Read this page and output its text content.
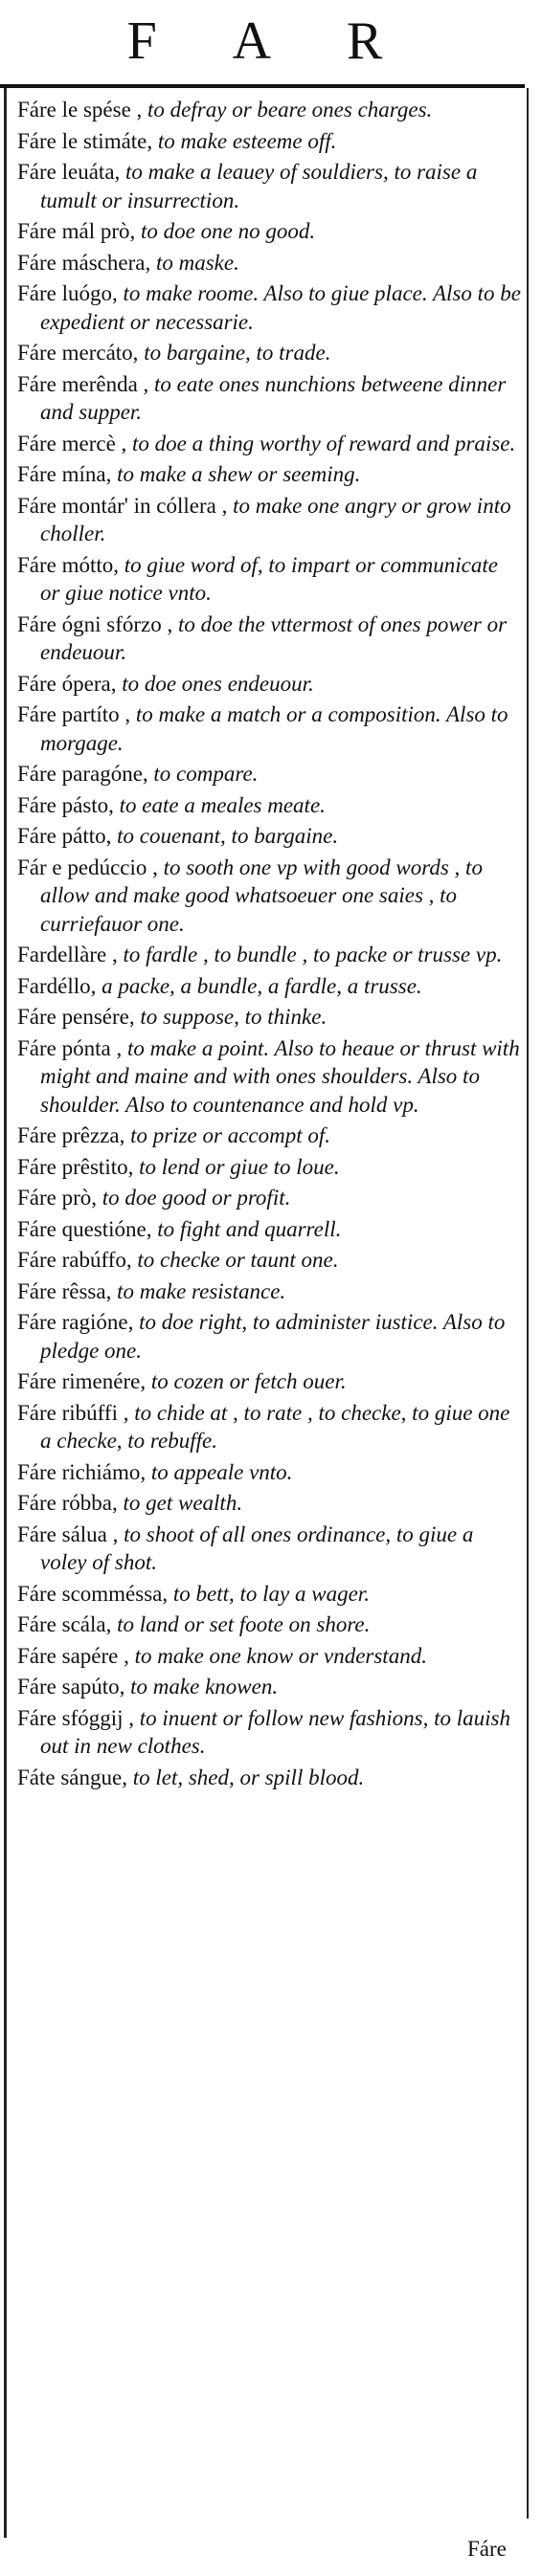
F A R
Fáre le spése , to defray or beare ones charges.
Fáre le stimáte, to make esteeme off.
Fáre leuáta, to make a leauey of souldiers, to raise a tumult or insurrection.
Fáre mál prò, to doe one no good.
Fáre máschera, to maske.
Fáre luógo, to make roome. Also to giue place. Also to be expedient or necessarie.
Fáre mercáto, to bargaine, to trade.
Fáre merênda , to eate ones nunchions betweene dinner and supper.
Fáre mercè , to doe a thing worthy of reward and praise.
Fáre mína, to make a shew or seeming.
Fáre montár' in cóllera , to make one angry or grow into choller.
Fáre mótto, to giue word of, to impart or communicate or giue notice vnto.
Fáre ógni sfórzo , to doe the vttermost of ones power or endeuour.
Fáre ópera, to doe ones endeuour.
Fáre partíto , to make a match or a composition. Also to morgage.
Fáre paragóne, to compare.
Fáre pásto, to eate a meales meate.
Fáre pátto, to couenant, to bargaine.
Fár e pedúccio , to sooth one vp with good words , to allow and make good whatsoeuer one saies , to curriefauor one.
Fardellàre , to fardle , to bundle , to packe or trusse vp.
Fardéllo, a packe, a bundle, a fardle, a trusse.
Fáre pensére, to suppose, to thinke.
Fáre pónta , to make a point. Also to heaue or thrust with might and maine and with ones shoulders. Also to shoulder. Also to countenance and hold vp.
Fáre prêzza, to prize or accompt of.
Fáre prêstito, to lend or giue to loue.
Fáre prò, to doe good or profit.
Fáre questióne, to fight and quarrell.
Fáre rabúffo, to checke or taunt one.
Fáre rêssa, to make resistance.
Fáre ragióne, to doe right, to administer iustice. Also to pledge one.
Fáre rimenére, to cozen or fetch ouer.
Fáre ribúffi , to chide at , to rate , to checke, to giue one a checke, to rebuffe.
Fáre richiámo, to appeale vnto.
Fáre róbba, to get wealth.
Fáre sálua , to shoot of all ones ordinance, to giue a voley of shot.
Fáre scomméssa, to bett, to lay a wager.
Fáre scála, to land or set foote on shore.
Fáre sapére , to make one know or vnderstand.
Fáre sapúto, to make knowen.
Fáre sfóggij , to inuent or follow new fashions, to lauish out in new clothes.
Fáte sángue, to let, shed, or spill blood.
Fáre
